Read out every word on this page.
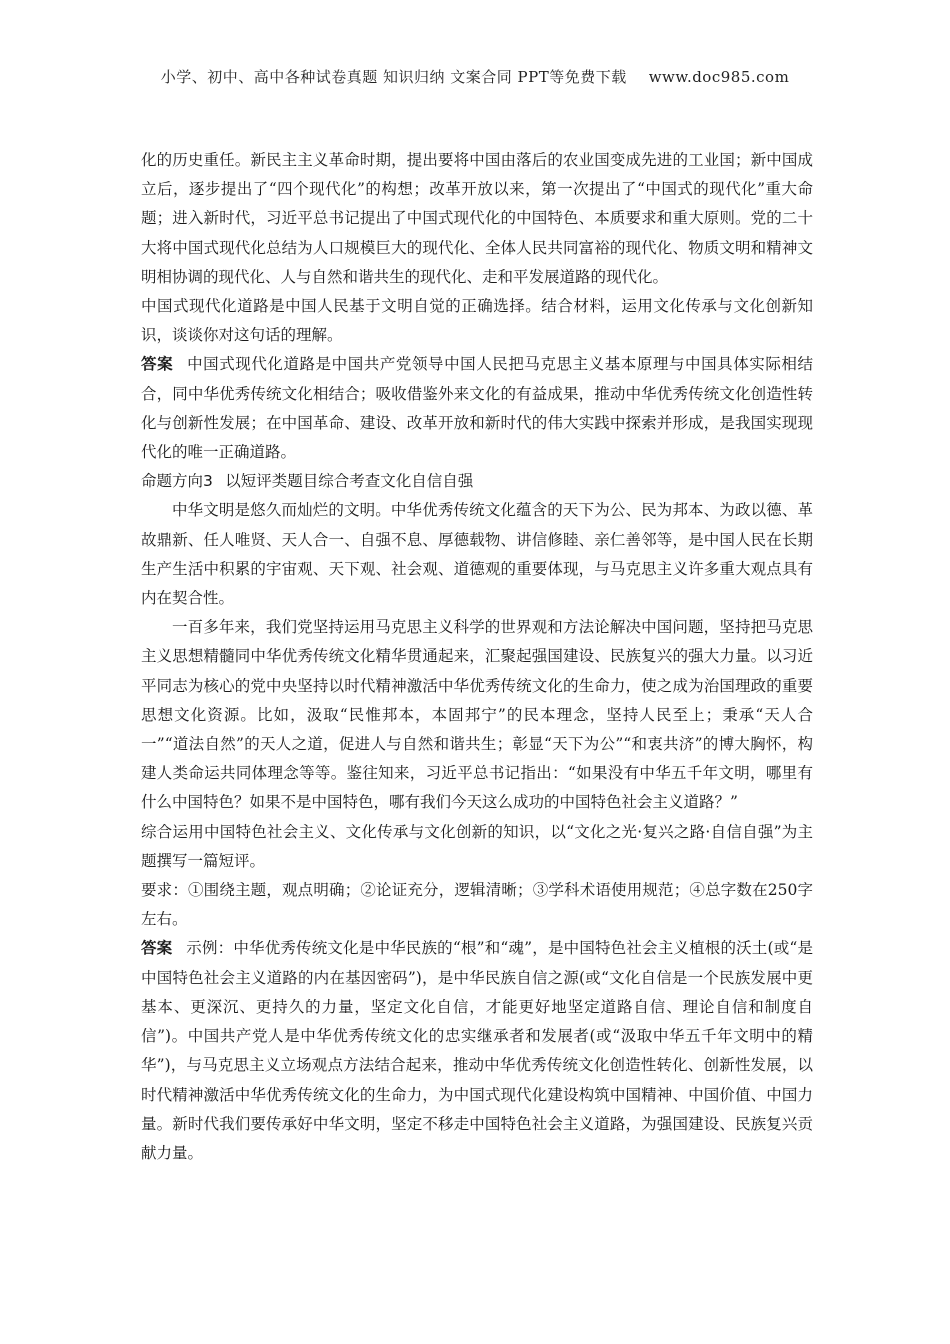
小学、初中、高中各种试卷真题 知识归纳 文案合同 PPT等免费下载 www.doc985.com

化的历史重任。新民主主义革命时期，提出要将中国由落后的农业国变成先进的工业国；新中国成立后，逐步提出了“四个现代化”的构想；改革开放以来，第一次提出了“中国式的现代化”重大命题；进入新时代，习近平总书记提出了中国式现代化的中国特色、本质要求和重大原则。党的二十大将中国式现代化总结为人口规模巨大的现代化、全体人民共同富裕的现代化、物质文明和精神文明相协调的现代化、人与自然和谐共生的现代化、走和平发展道路的现代化。

中国式现代化道路是中国人民基于文明自觉的正确选择。结合材料，运用文化传承与文化创新知识，谈谈你对这句话的理解。

答案 中国式现代化道路是中国共产党领导中国人民把马克思主义基本原理与中国具体实际相结合，同中华优秀传统文化相结合；吸收借鉴外来文化的有益成果，推动中华优秀传统文化创造性转化与创新性发展；在中国革命、建设、改革开放和新时代的伟大实践中探索并形成，是我国实现现代化的唯一正确道路。

命题方向3 以短评类题目综合考查文化自信自强

中华文明是悠久而灿烂的文明。中华优秀传统文化蕴含的天下为公、民为邦本、为政以德、革故鼎新、任人唯贤、天人合一、自强不息、厚德载物、讲信修睦、亲仁善邻等，是中国人民在长期生产生活中积累的宇宙观、天下观、社会观、道德观的重要体现，与马克思主义许多重大观点具有内在契合性。

一百多年来，我们党坚持运用马克思主义科学的世界观和方法论解决中国问题，坚持把马克思主义思想精髓同中华优秀传统文化精华贯通起来，汇聚起强国建设、民族复兴的强大力量。以习近平同志为核心的党中央坚持以时代精神激活中华优秀传统文化的生命力，使之成为治国理政的重要思想文化资源。比如，汲取“民惟邦本，本固邦宁”的民本理念，坚持人民至上；秉承“天人合一”“道法自然”的天人之道，促进人与自然和谐共生；彰显“天下为公”“和衷共济”的博大胸怀，构建人类命运共同体理念等等。鉴往知来，习近平总书记指出：“如果没有中华五千年文明，哪里有什么中国特色？如果不是中国特色，哪有我们今天这么成功的中国特色社会主义道路？”

综合运用中国特色社会主义、文化传承与文化创新的知识，以“文化之光·复兴之路·自信自强”为主题撰写一篇短评。

要求：①围绕主题，观点明确；②论证充分，逻辑清晰；③学科术语使用规范；④总字数在250字左右。

答案 示例：中华优秀传统文化是中华民族的“根”和“魂”，是中国特色社会主义植根的沃土(或“是中国特色社会主义道路的内在基因密码”)，是中华民族自信之源(或“文化自信是一个民族发展中更基本、更深沉、更持久的力量，坚定文化自信，才能更好地坚定道路自信、理论自信和制度自信”)。中国共产党人是中华优秀传统文化的忠实继承者和发展者(或“汲取中华五千年文明中的精华”)，与马克思主义立场观点方法结合起来，推动中华优秀传统文化创造性转化、创新性发展，以时代精神激活中华优秀传统文化的生命力，为中国式现代化建设构筑中国精神、中国价值、中国力量。新时代我们要传承好中华文明，坚定不移走中国特色社会主义道路，为强国建设、民族复兴贡献力量。
